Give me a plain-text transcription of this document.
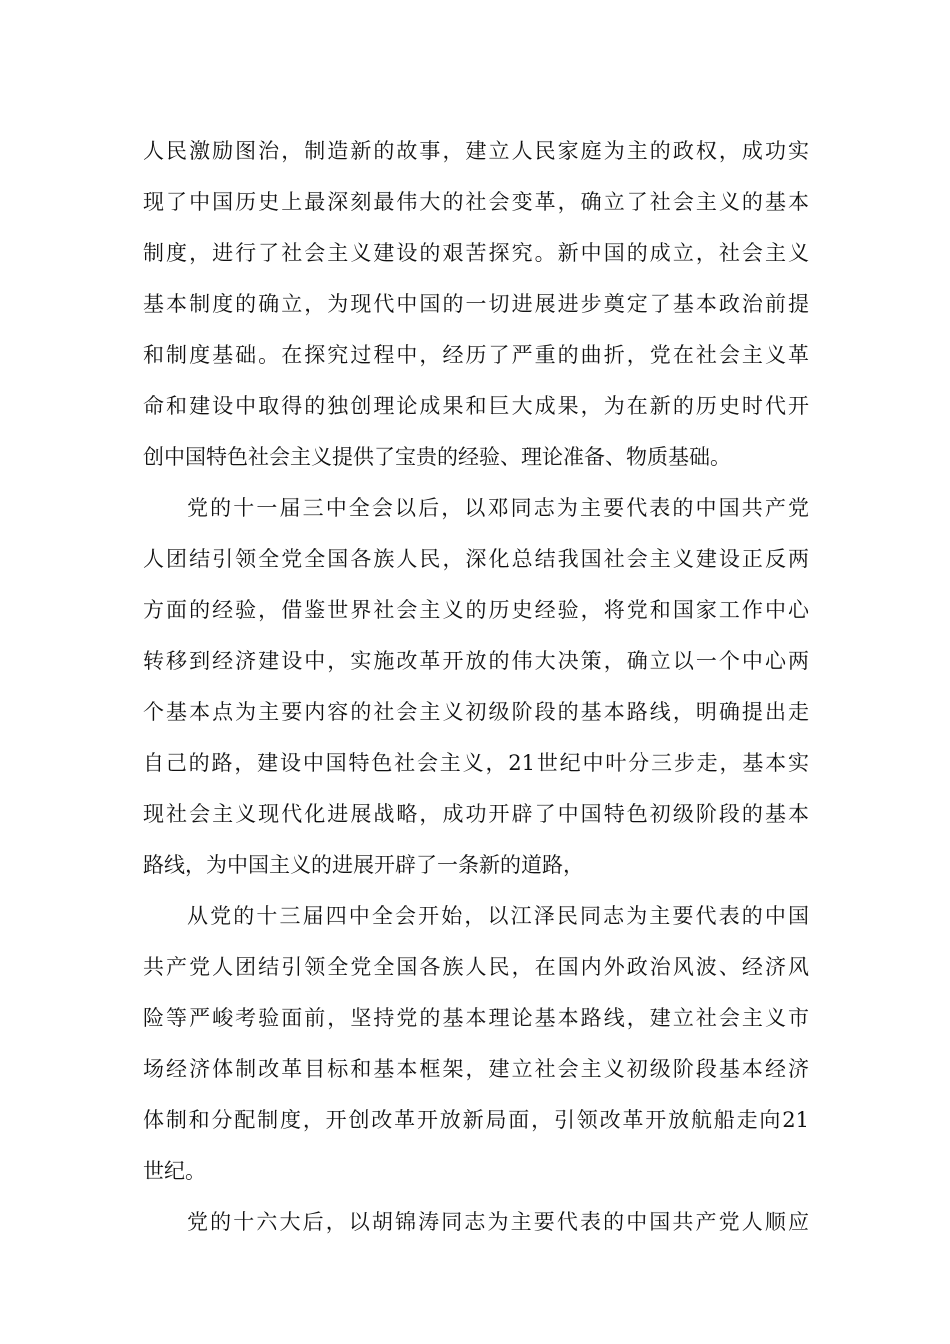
人民激励图治，制造新的故事，建立人民家庭为主的政权，成功实
现了中国历史上最深刻最伟大的社会变革，确立了社会主义的基本
制度，进行了社会主义建设的艰苦探究。新中国的成立，社会主义
基本制度的确立，为现代中国的一切进展进步奠定了基本政治前提
和制度基础。在探究过程中，经历了严重的曲折，党在社会主义革
命和建设中取得的独创理论成果和巨大成果，为在新的历史时代开
创中国特色社会主义提供了宝贵的经验、理论准备、物质基础。
党的十一届三中全会以后，以邓同志为主要代表的中国共产党
人团结引领全党全国各族人民，深化总结我国社会主义建设正反两
方面的经验，借鉴世界社会主义的历史经验，将党和国家工作中心
转移到经济建设中，实施改革开放的伟大决策，确立以一个中心两
个基本点为主要内容的社会主义初级阶段的基本路线，明确提出走
自己的路，建设中国特色社会主义，21世纪中叶分三步走，基本实
现社会主义现代化进展战略，成功开辟了中国特色初级阶段的基本
路线，为中国主义的进展开辟了一条新的道路，
从党的十三届四中全会开始，以江泽民同志为主要代表的中国
共产党人团结引领全党全国各族人民，在国内外政治风波、经济风
险等严峻考验面前，坚持党的基本理论基本路线，建立社会主义市
场经济体制改革目标和基本框架，建立社会主义初级阶段基本经济
体制和分配制度，开创改革开放新局面，引领改革开放航船走向21
世纪。
党的十六大后，以胡锦涛同志为主要代表的中国共产党人顺应
